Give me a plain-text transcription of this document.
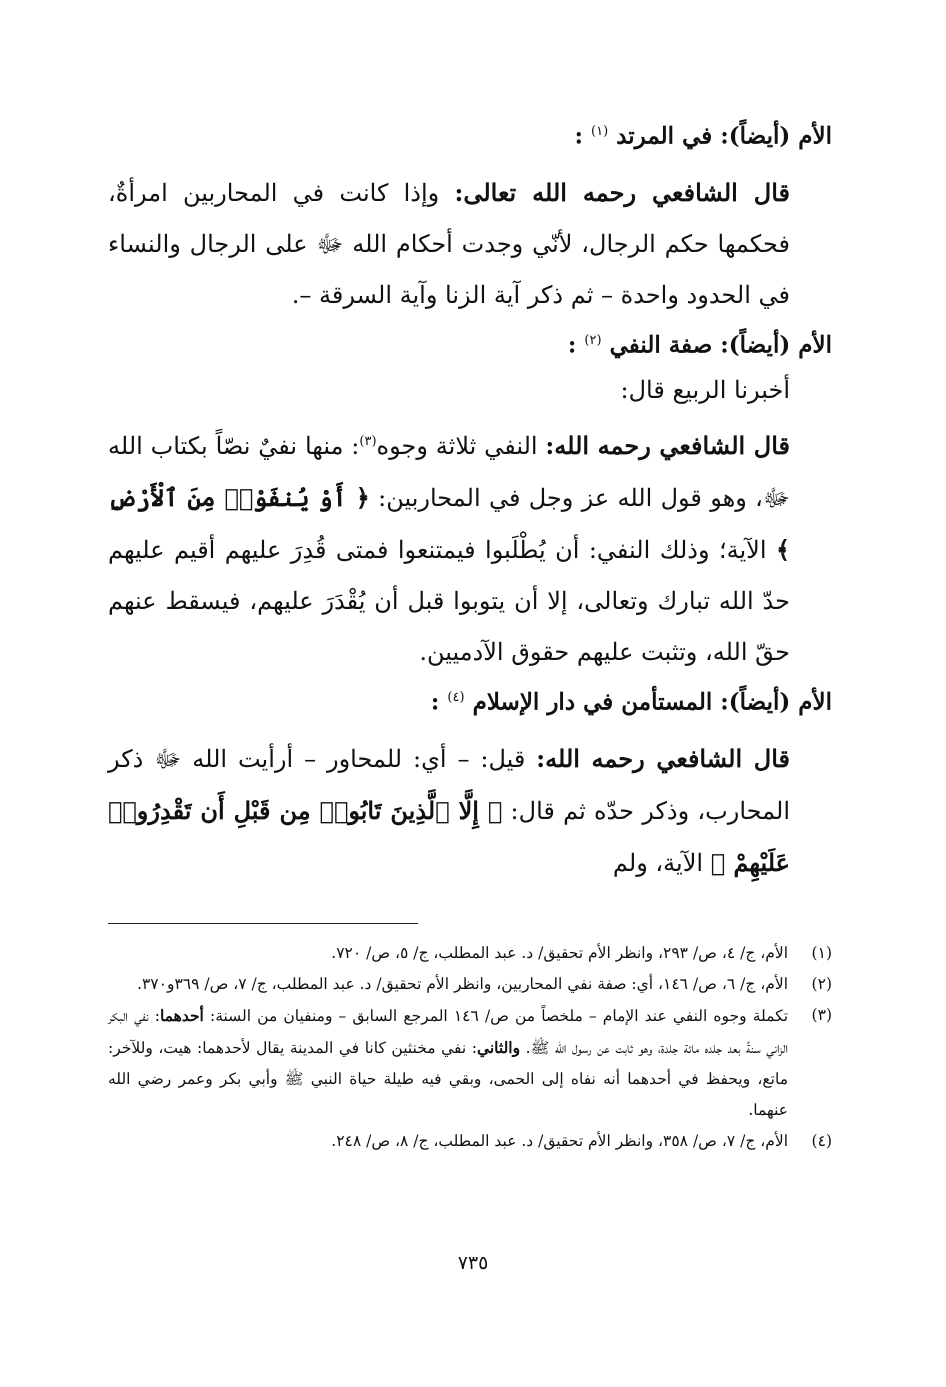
الأم (أيضاً): في المرتد $^{(١)}$ :

قال الشافعي رحمه الله تعالى: وإذا كانت في المحاربين امرأةٌ، فحكمها حكم الرجال، لأنّي وجدت أحكام الله ﷻ على الرجال والنساء في الحدود واحدة – ثم ذكر آية الزنا وآية السرقة –.

الأم (أيضاً): صفة النفي $^{(٢)}$ :

أخبرنا الربيع قال:

قال الشافعي رحمه الله: النفي ثلاثة وجوه$^{(٣)}$: منها نفيٌ نصّاً بكتاب الله ﷻ، وهو قول الله عز وجل في المحاربين: ﴿ أَوْ يُنفَوْا۟ مِنَ ٱلْأَرْضِ ﴾ الآية؛ وذلك النفي: أن يُطْلَبوا فيمتنعوا فمتى قُدِرَ عليهم أقيم عليهم حدّ الله تبارك وتعالى، إلا أن يتوبوا قبل أن يُقْدَرَ عليهم، فيسقط عنهم حقّ الله، وتثبت عليهم حقوق الآدميين.

الأم (أيضاً): المستأمن في دار الإسلام $^{(٤)}$ :

قال الشافعي رحمه الله: قيل: – أي: للمحاور – أرأيت الله ﷻ ذكر المحارب، وذكر حدّه ثم قال: ﴿ إِلَّا ٱلَّذِينَ تَابُوا۟ مِن قَبْلِ أَن تَقْدِرُوا۟ عَلَيْهِمْ ﴾ الآية، ولم

(١)
الأم، ج/ ٤، ص/ ٢٩٣، وانظر الأم تحقيق/ د. عبد المطلب، ج/ ٥، ص/ ٧٢٠.
(٢)
الأم، ج/ ٦، ص/ ١٤٦، أي: صفة نفي المحاربين، وانظر الأم تحقيق/ د. عبد المطلب، ج/ ٧، ص/ ٣٦٩و٣٧٠.
(٣)
تكملة وجوه النفي عند الإمام – ملخصاً من ص/ ١٤٦ المرجع السابق – ومنفيان من السنة: أحدهما: نفي البكر الزاني سنةً بعد جلده مائة جلدة، وهو ثابت عن رسول الله ﷺ. والثاني: نفي مخنثين كانا في المدينة يقال لأحدهما: هيت، وللآخر: ماتع، ويحفظ في أحدهما أنه نفاه إلى الحمى، وبقي فيه طيلة حياة النبي ﷺ وأبي بكر وعمر رضي الله عنهما.
(٤)
الأم، ج/ ٧، ص/ ٣٥٨، وانظر الأم تحقيق/ د. عبد المطلب، ج/ ٨، ص/ ٢٤٨.
٧٣٥
